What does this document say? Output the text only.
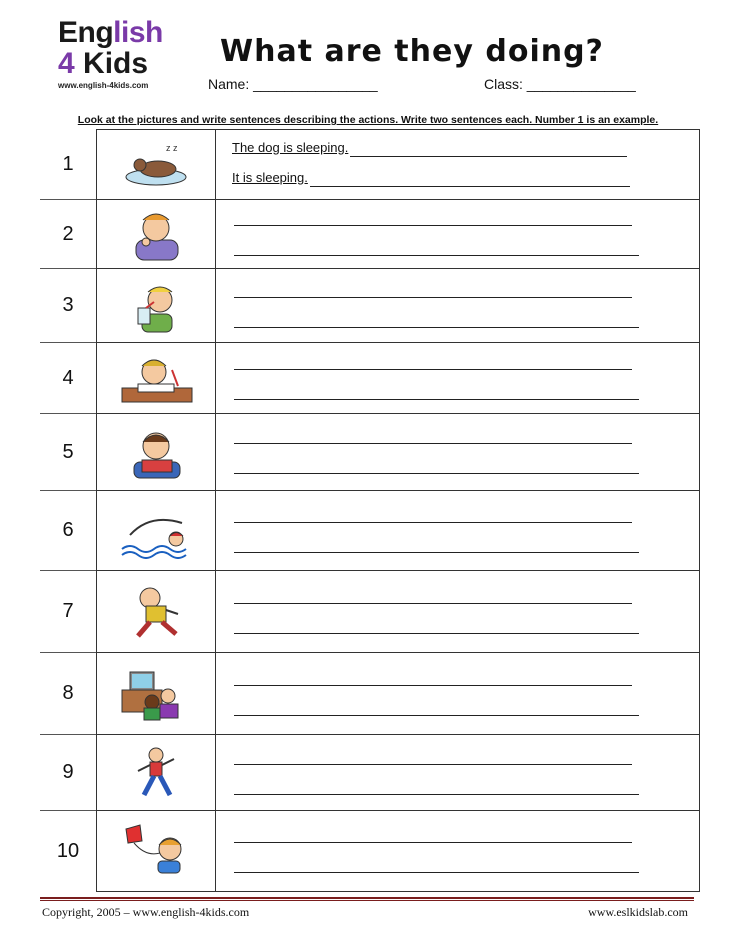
English
4 Kids
www.english-4kids.com
What are they doing?
Name: ________________	Class: ______________
Look at the pictures and write sentences describing the actions. Write two sentences each. Number 1 is an example.
1	z z	The dog is sleeping.
It is sleeping.

2		

3		

4		

5		

6		

7		

8		

9		

10		
Copyright, 2005 – www.english-4kids.com	www.eslkidslab.com
